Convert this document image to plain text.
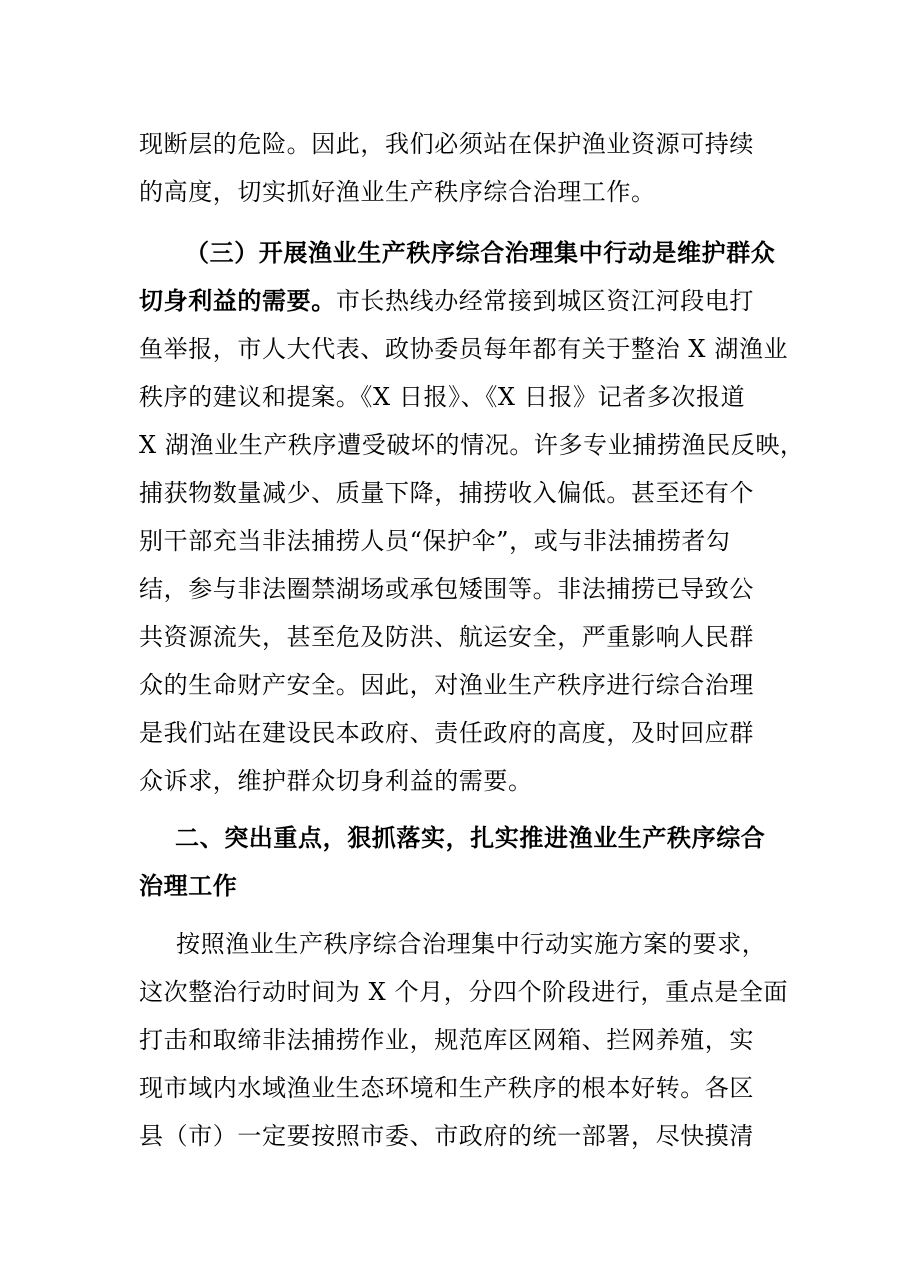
现断层的危险。因此，我们必须站在保护渔业资源可持续
的高度，切实抓好渔业生产秩序综合治理工作。
（三）开展渔业生产秩序综合治理集中行动是维护群众
切身利益的需要。市长热线办经常接到城区资江河段电打
鱼举报，市人大代表、政协委员每年都有关于整治 X 湖渔业
秩序的建议和提案。《X 日报》、《X 日报》记者多次报道
X 湖渔业生产秩序遭受破坏的情况。许多专业捕捞渔民反映，
捕获物数量减少、质量下降，捕捞收入偏低。甚至还有个
别干部充当非法捕捞人员“保护伞”，或与非法捕捞者勾
结，参与非法圈禁湖场或承包矮围等。非法捕捞已导致公
共资源流失，甚至危及防洪、航运安全，严重影响人民群
众的生命财产安全。因此，对渔业生产秩序进行综合治理
是我们站在建设民本政府、责任政府的高度，及时回应群
众诉求，维护群众切身利益的需要。
二、突出重点，狠抓落实，扎实推进渔业生产秩序综合
治理工作
按照渔业生产秩序综合治理集中行动实施方案的要求，
这次整治行动时间为 X 个月，分四个阶段进行，重点是全面
打击和取缔非法捕捞作业，规范库区网箱、拦网养殖，实
现市域内水域渔业生态环境和生产秩序的根本好转。各区
县（市）一定要按照市委、市政府的统一部署，尽快摸清
